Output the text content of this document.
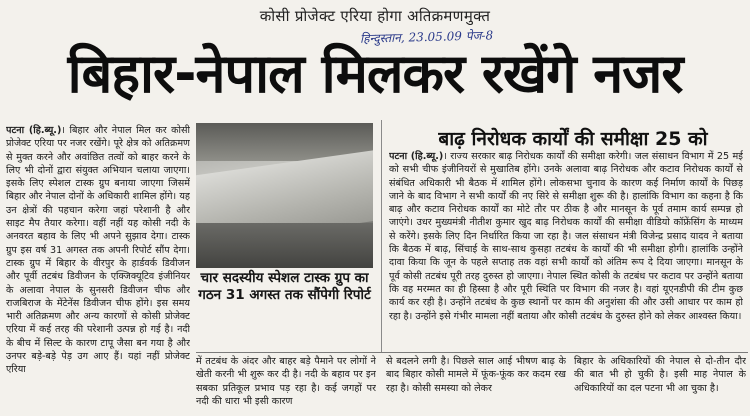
कोसी प्रोजेक्ट एरिया होगा अतिक्रमणमुक्त
हिन्दुस्तान, 23.05.09 पेज-8
बिहार-नेपाल मिलकर रखेंगे नजर
पटना (हि.ब्यू.)। बिहार और नेपाल मिल कर कोसी प्रोजेक्ट एरिया पर नजर रखेंगे। पूरे क्षेत्र को अतिक्रमण से मुक्त करने और अवांछित तत्वों को बाहर करने के लिए भी दोनों द्वारा संयुक्त अभियान चलाया जाएगा। इसके लिए स्पेशल टास्क ग्रुप बनाया जाएगा जिसमें बिहार और नेपाल दोनों के अधिकारी शामिल होंगे। यह उन क्षेत्रों की पहचान करेगा जहां परेशानी है और साइट मैप तैयार करेगा। वहीं नहीं यह कोसी नदी के अनवरत बहाव के लिए भी अपने सुझाव देगा। टास्क ग्रुप इस वर्ष 31 अगस्त तक अपनी रिपोर्ट सौंप देगा। टास्क ग्रुप में बिहार के वीरपुर के हार्डवर्क डिवीजन और पूर्वी तटबंध डिवीजन के एक्जिक्यूटिव इंजीनियर के अलावा नेपाल के सुनसरी डिवीजन चीफ और राजबिराज के मेंटेनेंस डिवीजन चीफ होंगे। इस समय भारी अतिक्रमण और अन्य कारणों से कोसी प्रोजेक्ट एरिया में कई तरह की परेशानी उत्पन्न हो गई है। नदी के बीच में सिल्ट के कारण टापू जैसा बन गया है और उनपर बड़े-बड़े पेड़ उग आए हैं। यहां नहीं प्रोजेक्ट एरिया
चार सदस्यीय स्पेशल टास्क ग्रुप का गठन 31 अगस्त तक सौंपेगी रिपोर्ट
बाढ़ निरोधक कार्यों की समीक्षा 25 को
पटना (हि.ब्यू.)। राज्य सरकार बाढ़ निरोधक कार्यों की समीक्षा करेगी। जल संसाधन विभाग में 25 मई को सभी चीफ इंजीनियरों से मुखातिब होंगे। उनके अलावा बाढ़ निरोधक और कटाव निरोधक कार्यों से संबंधित अधिकारी भी बैठक में शामिल होंगे। लोकसभा चुनाव के कारण कई निर्माण कार्यों के पिछड़ जाने के बाद विभाग ने सभी कार्यों की नए सिरे से समीक्षा शुरू की है। हालांकि विभाग का कहना है कि बाढ़ और कटाव निरोधक कार्यों का मोटे तौर पर ठीक है और मानसून के पूर्व तमाम कार्य सम्पन्न हो जाएंगे। उधर मुख्यमंत्री नीतीश कुमार खुद बाढ़ निरोधक कार्यों की समीक्षा वीडियो कॉफ्रेंसिंग के माध्यम से करेंगे। इसके लिए दिन निर्धारित किया जा रहा है। जल संसाधन मंत्री विजेन्द्र प्रसाद यादव ने बताया कि बैठक में बाढ़, सिंचाई के साथ-साथ कुसहा तटबंध के कार्यों की भी समीक्षा होगी। हालांकि उन्होंने दावा किया कि जून के पहले सप्ताह तक वहां सभी कार्यों को अंतिम रूप दे दिया जाएगा। मानसून के पूर्व कोसी तटबंध पूरी तरह दुरुस्त हो जाएगा। नेपाल स्थित कोसी के तटबंध पर कटाव पर उन्होंने बताया कि वह मरम्मत का ही हिस्सा है और पूरी स्थिति पर विभाग की नजर है। वहां यूएनडीपी की टीम कुछ कार्य कर रही है। उन्होंने तटबंध के कुछ स्थानों पर काम की अनुशंसा की और उसी आधार पर काम हो रहा है। उन्होंने इसे गंभीर मामला नहीं बताया और कोसी तटबंध के दुरुस्त होने को लेकर आश्वस्त किया।
में तटबंध के अंदर और बाहर बड़े पैमाने पर लोगों ने खेती करनी भी शुरू कर दी है। नदी के बहाव पर इन सबका प्रतिकूल प्रभाव पड़ रहा है। कई जगहों पर नदी की धारा भी इसी कारण
से बदलने लगी है। पिछले साल आई भीषण बाढ़ के बाद बिहार कोसी मामले में फूंक-फूंक कर कदम रख रहा है। कोसी समस्या को लेकर
बिहार के अधिकारियों की नेपाल से दो-तीन दौर की बात भी हो चुकी है। इसी माह नेपाल के अधिकारियों का दल पटना भी आ चुका है।
